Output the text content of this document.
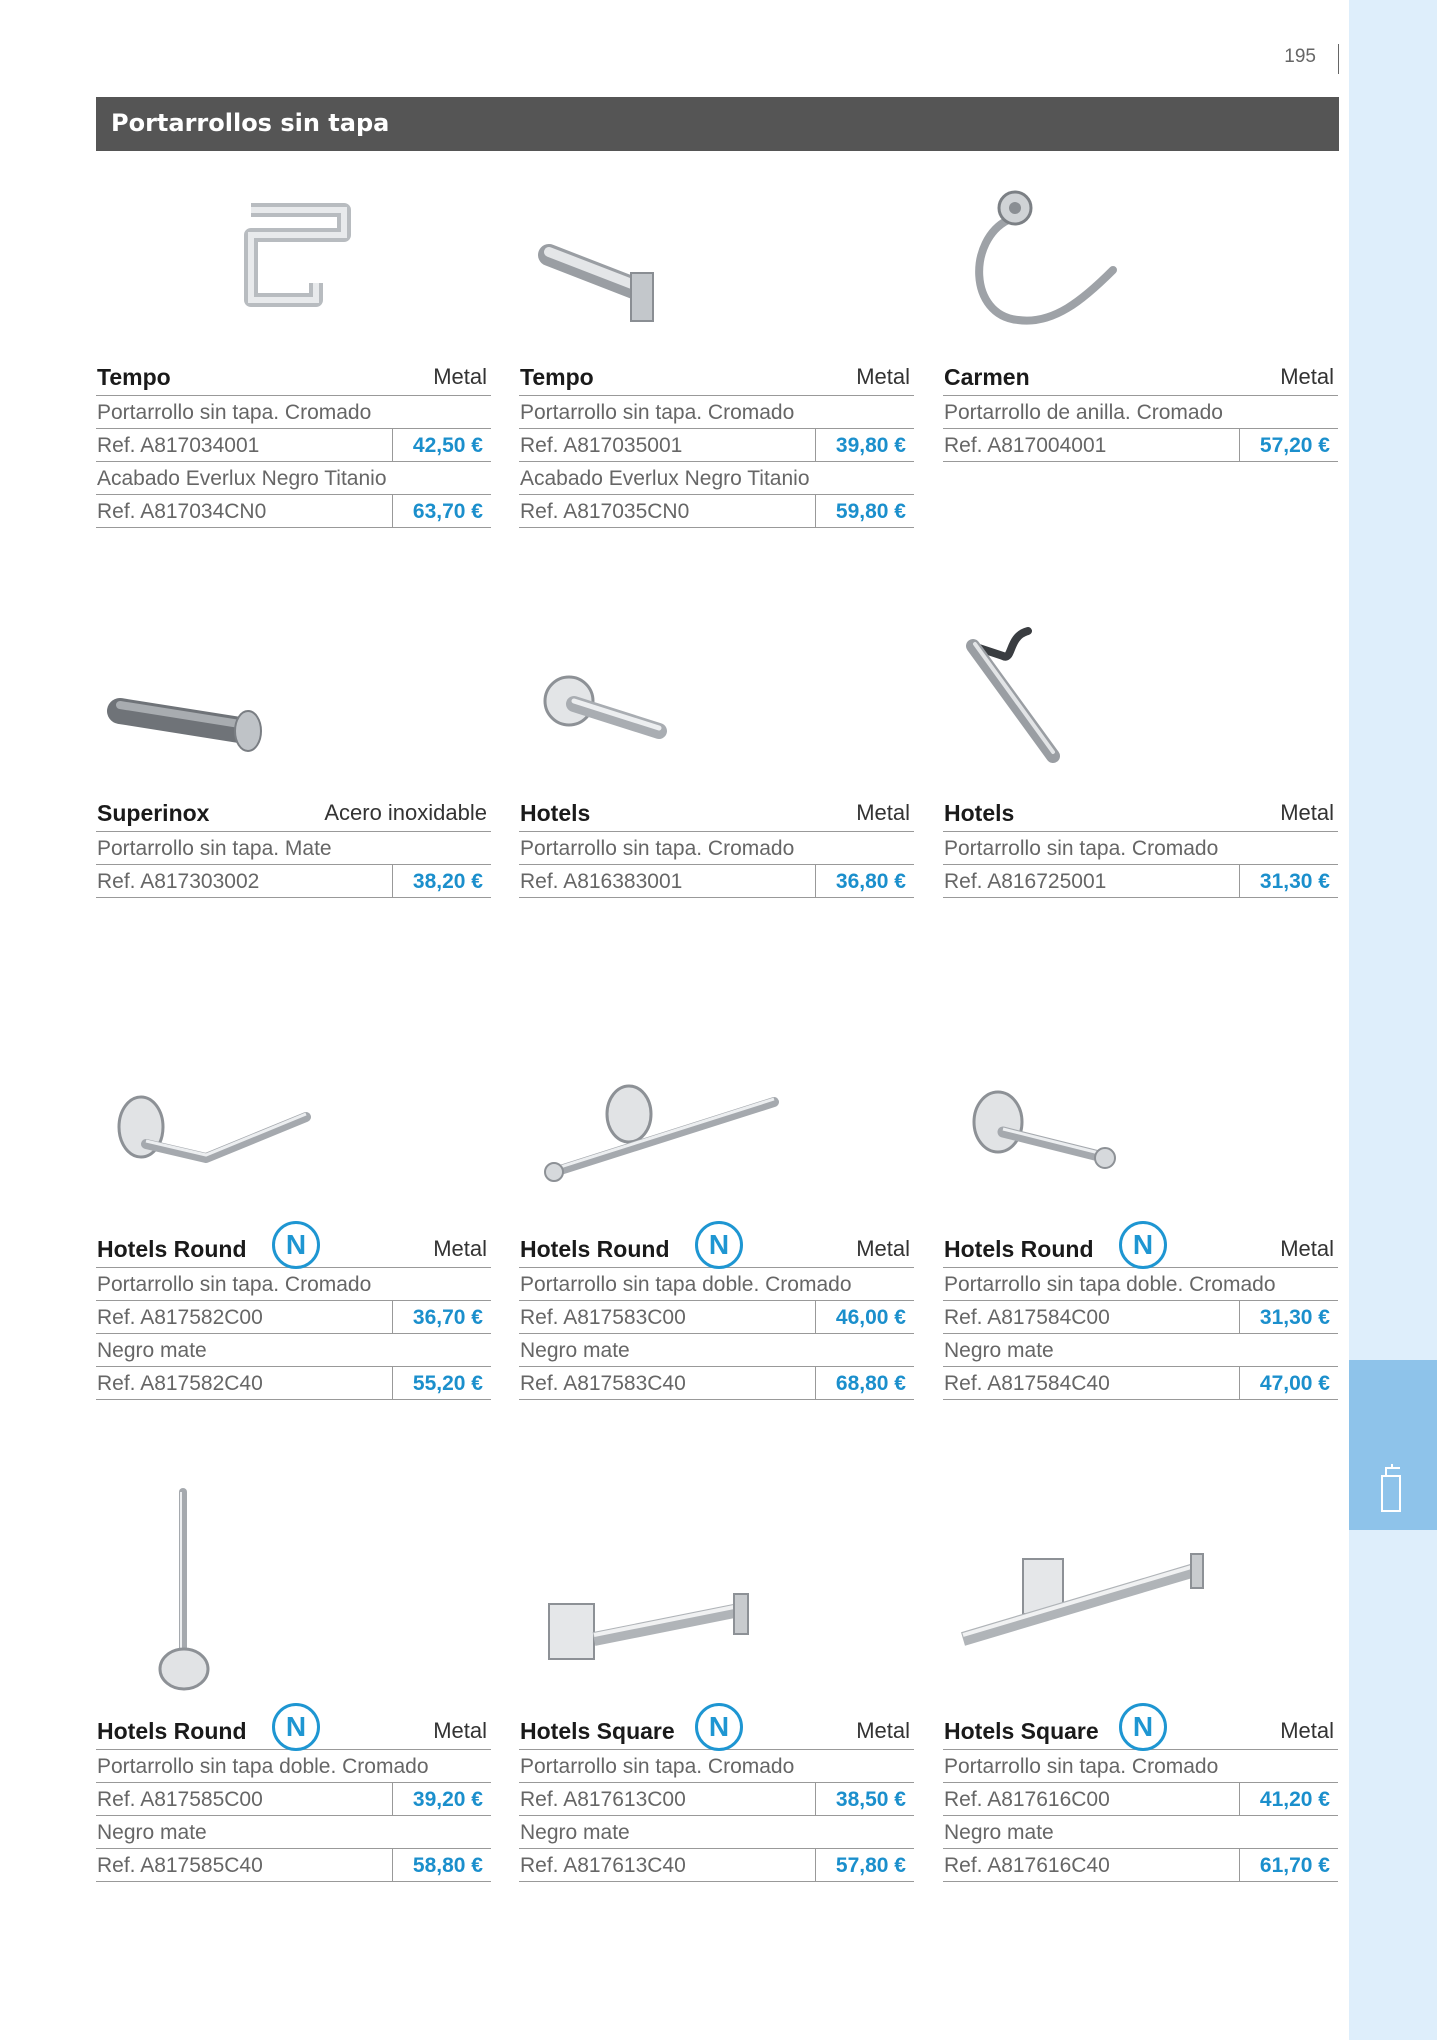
195
Portarrollos sin tapa
Tempo	Metal
Portarrollo sin tapa. Cromado
Ref. A817034001	42,50 €
Acabado Everlux Negro Titanio
Ref. A817034CN0	63,70 €
Tempo	Metal
Portarrollo sin tapa. Cromado
Ref. A817035001	39,80 €
Acabado Everlux Negro Titanio
Ref. A817035CN0	59,80 €
Carmen	Metal
Portarrollo de anilla. Cromado
Ref. A817004001	57,20 €
Superinox	Acero inoxidable
Portarrollo sin tapa. Mate
Ref. A817303002	38,20 €
Hotels	Metal
Portarrollo sin tapa. Cromado
Ref. A816383001	36,80 €
Hotels	Metal
Portarrollo sin tapa. Cromado
Ref. A816725001	31,30 €
Hotels Round	N	Metal
Portarrollo sin tapa. Cromado
Ref. A817582C00	36,70 €
Negro mate
Ref. A817582C40	55,20 €
Hotels Round	N	Metal
Portarrollo sin tapa doble. Cromado
Ref. A817583C00	46,00 €
Negro mate
Ref. A817583C40	68,80 €
Hotels Round	N	Metal
Portarrollo sin tapa doble. Cromado
Ref. A817584C00	31,30 €
Negro mate
Ref. A817584C40	47,00 €
Hotels Round	N	Metal
Portarrollo sin tapa doble. Cromado
Ref. A817585C00	39,20 €
Negro mate
Ref. A817585C40	58,80 €
Hotels Square	N	Metal
Portarrollo sin tapa. Cromado
Ref. A817613C00	38,50 €
Negro mate
Ref. A817613C40	57,80 €
Hotels Square	N	Metal
Portarrollo sin tapa. Cromado
Ref. A817616C00	41,20 €
Negro mate
Ref. A817616C40	61,70 €
